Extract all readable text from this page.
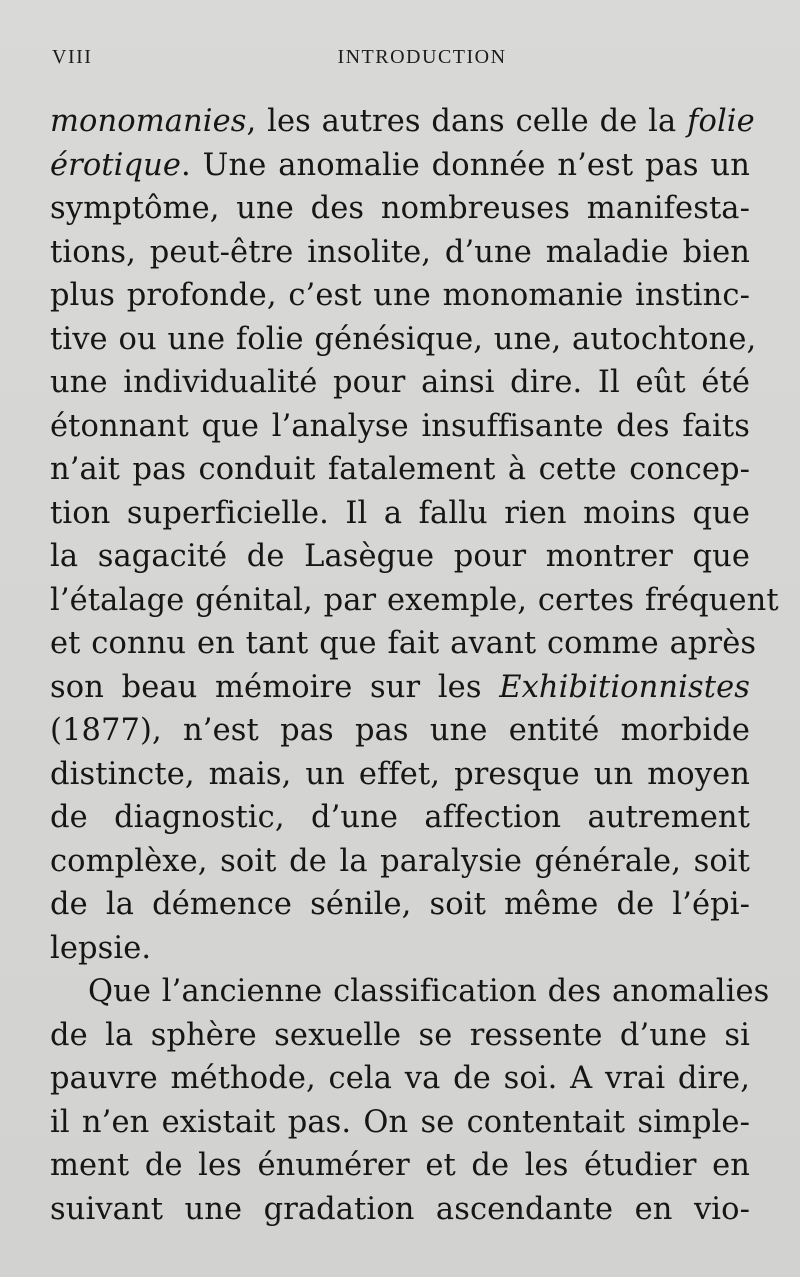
VIII	INTRODUCTION

monomanies, les autres dans celle de la folie
érotique. Une anomalie donnée n’est pas un
symptôme, une des nombreuses manifesta-
tions, peut-être insolite, d’une maladie bien
plus profonde, c’est une monomanie instinc-
tive ou une folie génésique, une, autochtone,
une individualité pour ainsi dire. Il eût été
étonnant que l’analyse insuffisante des faits
n’ait pas conduit fatalement à cette concep-
tion superficielle. Il a fallu rien moins que
la sagacité de Lasègue pour montrer que
l’étalage génital, par exemple, certes fréquent
et connu en tant que fait avant comme après
son beau mémoire sur les Exhibitionnistes
(1877), n’est pas pas une entité morbide
distincte, mais, un effet, presque un moyen
de diagnostic, d’une affection autrement
complèxe, soit de la paralysie générale, soit
de la démence sénile, soit même de l’épi-
lepsie.

Que l’ancienne classification des anomalies
de la sphère sexuelle se ressente d’une si
pauvre méthode, cela va de soi. A vrai dire,
il n’en existait pas. On se contentait simple-
ment de les énumérer et de les étudier en
suivant une gradation ascendante en vio-
